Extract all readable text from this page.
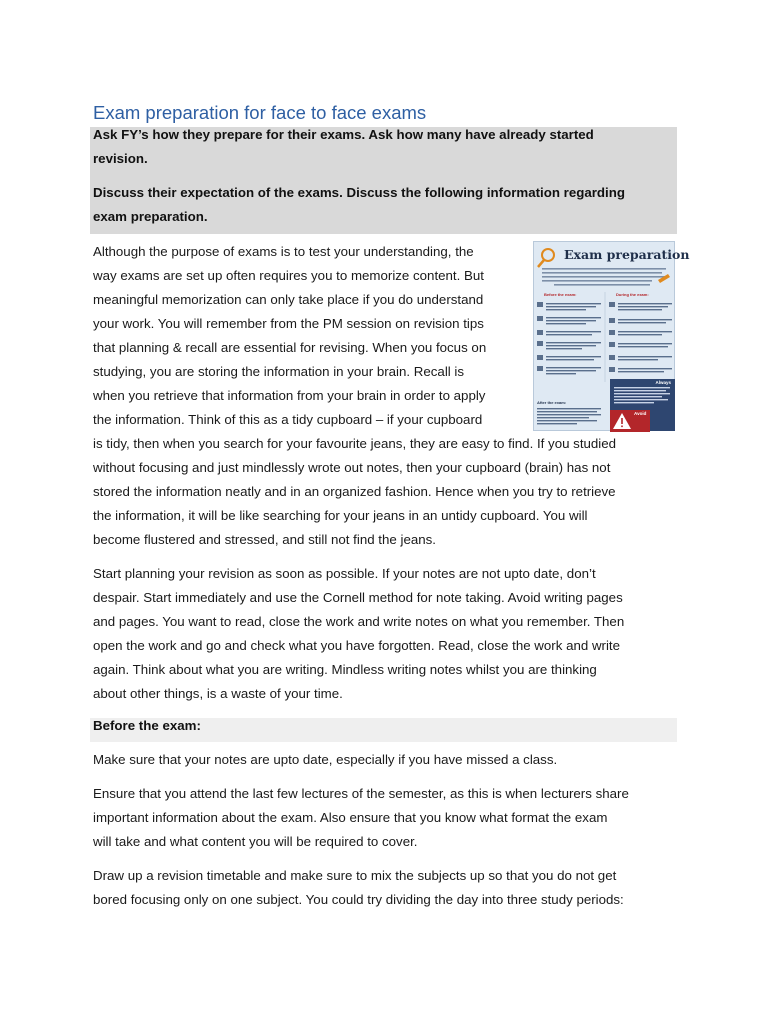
Exam preparation for face to face exams
Ask FY’s how they prepare for their exams. Ask how many have already started
revision.
Discuss their expectation of the exams. Discuss the following information regarding
exam preparation.
Exam preparation
Before the exam:	During the exam:
After the exam:
Always
Avoid
Although the purpose of exams is to test your understanding, the
way exams are set up often requires you to memorize content. But
meaningful memorization can only take place if you do understand
your work. You will remember from the PM session on revision tips
that planning & recall are essential for revising. When you focus on
studying, you are storing the information in your brain. Recall is
when you retrieve that information from your brain in order to apply
the information. Think of this as a tidy cupboard – if your cupboard
is tidy, then when you search for your favourite jeans, they are easy to find. If you studied
without focusing and just mindlessly wrote out notes, then your cupboard (brain) has not
stored the information neatly and in an organized fashion. Hence when you try to retrieve
the information, it will be like searching for your jeans in an untidy cupboard. You will
become flustered and stressed, and still not find the jeans.
Start planning your revision as soon as possible. If your notes are not upto date, don’t
despair. Start immediately and use the Cornell method for note taking. Avoid writing pages
and pages. You want to read, close the work and write notes on what you remember. Then
open the work and go and check what you have forgotten. Read, close the work and write
again. Think about what you are writing. Mindless writing notes whilst you are thinking
about other things, is a waste of your time.
Before the exam:
Make sure that your notes are upto date, especially if you have missed a class.
Ensure that you attend the last few lectures of the semester, as this is when lecturers share
important information about the exam. Also ensure that you know what format the exam
will take and what content you will be required to cover.
Draw up a revision timetable and make sure to mix the subjects up so that you do not get
bored focusing only on one subject. You could try dividing the day into three study periods:
